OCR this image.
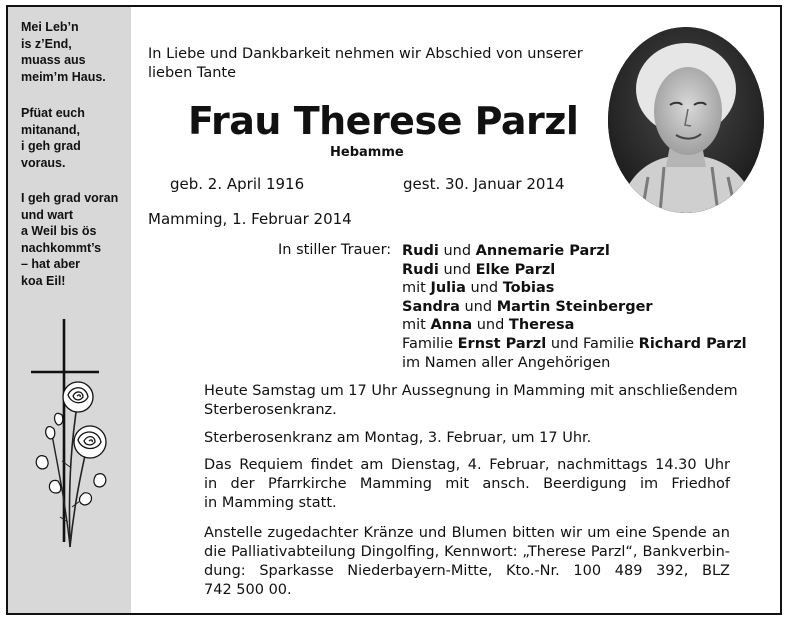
Mei Leb’n
is z’End,
muass aus
meim’m Haus.
Pfüat euch
mitanand,
i geh grad
voraus.
I geh grad voran
und wart
a Weil bis ös
nachkommt’s
– hat aber
koa Eil!
In Liebe und Dankbarkeit nehmen wir Abschied von unserer
lieben Tante
Frau Therese Parzl
Hebamme
geb. 2. April 1916	gest. 30. Januar 2014
Mamming, 1. Februar 2014
In stiller Trauer: Rudi und Annemarie Parzl
Rudi und Elke Parzl
mit Julia und Tobias
Sandra und Martin Steinberger
mit Anna und Theresa
Familie Ernst Parzl und Familie Richard Parzl
im Namen aller Angehörigen
Heute Samstag um 17 Uhr Aussegnung in Mamming mit anschließendem
Sterberosenkranz.
Sterberosenkranz am Montag, 3. Februar, um 17 Uhr.
Das Requiem findet am Dienstag, 4. Februar, nachmittags 14.30 Uhr
in der Pfarrkirche Mamming mit ansch. Beerdigung im Friedhof
in Mamming statt.
Anstelle zugedachter Kränze und Blumen bitten wir um eine Spende an
die Palliativabteilung Dingolfing, Kennwort: „Therese Parzl“, Bankverbin-
dung: Sparkasse Niederbayern-Mitte, Kto.-Nr. 100 489 392, BLZ
742 500 00.
